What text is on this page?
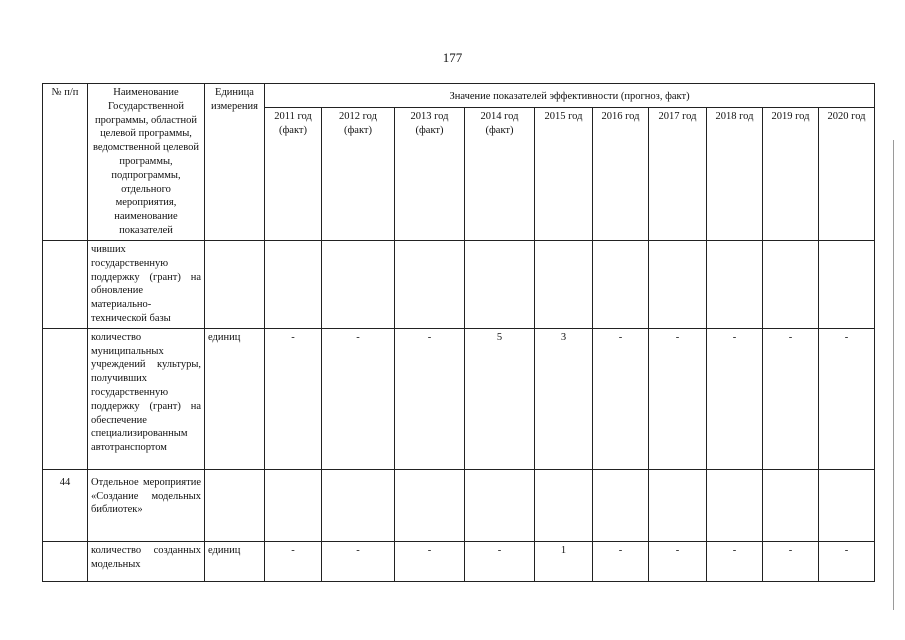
177
№ п/п	Наименование Государственной программы, областной целевой программы, ведомственной целевой программы, подпрограммы, отдельного мероприятия, наименование показателей	Единица измерения	Значение показателей эффективности (прогноз, факт)									
			2011 год (факт)	2012 год (факт)	2013 год (факт)	2014 год (факт)	2015 год	2016 год	2017 год	2018 год	2019 год	2020 год
	чивших государственную поддержку (грант) на обновление материально-технической базы											
	количество муниципальных учреждений культуры, получивших государственную поддержку (грант) на обеспечение специализированным автотранспортом	единиц	-	-	-	5	3	-	-	-	-	-
44	Отдельное мероприятие «Создание модельных библиотек»											
	количество созданных модельных	единиц	-	-	-	-	1	-	-	-	-	-
